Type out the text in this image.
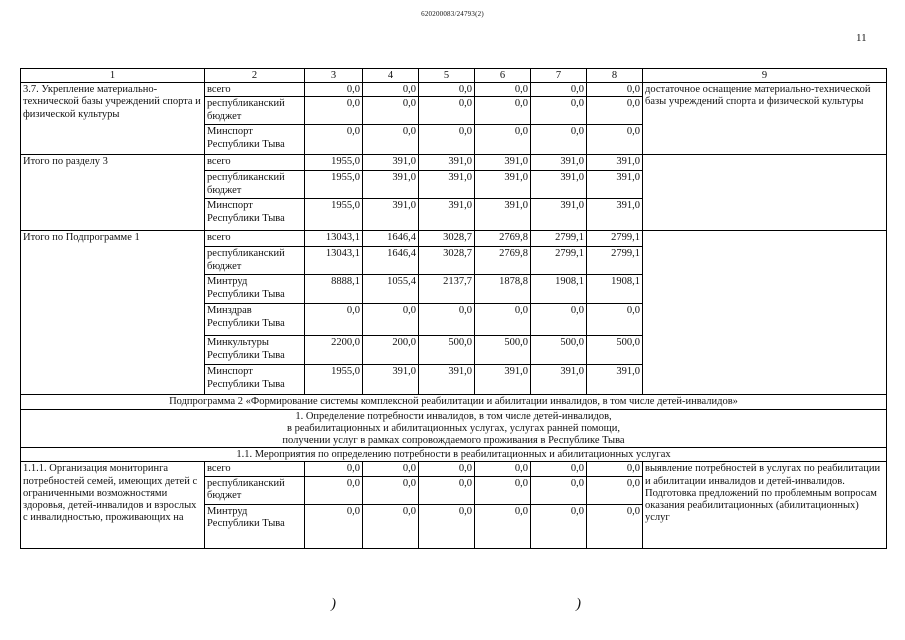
620200083/24793(2)
11
1	2	3	4	5	6	7	8	9
3.7. Укрепление материально-технической базы учреждений спорта и физической культуры	всего	0,0	0,0	0,0	0,0	0,0	0,0	достаточное оснащение материально-технической базы учреждений спорта и физической культуры
	республиканский бюджет	0,0	0,0	0,0	0,0	0,0	0,0	
	Минспорт Республики Тыва	0,0	0,0	0,0	0,0	0,0	0,0	
Итого по разделу 3	всего	1955,0	391,0	391,0	391,0	391,0	391,0	
	республиканский бюджет	1955,0	391,0	391,0	391,0	391,0	391,0	
	Минспорт Республики Тыва	1955,0	391,0	391,0	391,0	391,0	391,0	
Итого по Подпрограмме 1	всего	13043,1	1646,4	3028,7	2769,8	2799,1	2799,1	
	республиканский бюджет	13043,1	1646,4	3028,7	2769,8	2799,1	2799,1	
	Минтруд Республики Тыва	8888,1	1055,4	2137,7	1878,8	1908,1	1908,1	
	Минздрав Республики Тыва	0,0	0,0	0,0	0,0	0,0	0,0	
	Минкультуры Республики Тыва	2200,0	200,0	500,0	500,0	500,0	500,0	
	Минспорт Республики Тыва	1955,0	391,0	391,0	391,0	391,0	391,0	
Подпрограмма 2 «Формирование системы комплексной реабилитации и абилитации инвалидов, в том числе детей-инвалидов»								

1. Определение потребности инвалидов, в том числе детей-инвалидов,
в реабилитационных и абилитационных услугах, услугах ранней помощи,
получении услуг в рамках сопровождаемого проживания в Республике Тыва								

1.1. Мероприятия по определению потребности в реабилитационных и абилитационных услугах								
1.1.1. Организация мониторинга потребностей семей, имеющих детей с ограниченными возможностями здоровья, детей-инвалидов и взрослых с инвалидностью, проживающих на	всего	0,0	0,0	0,0	0,0	0,0	0,0	выявление потребностей в услугах по реабилитации и абилитации инвалидов и детей-инвалидов. Подготовка предложений по проблемным вопросам оказания реабилитационных (абилитационных) услуг
	республиканский бюджет	0,0	0,0	0,0	0,0	0,0	0,0	
	Минтруд Республики Тыва	0,0	0,0	0,0	0,0	0,0	0,0	
)	)
